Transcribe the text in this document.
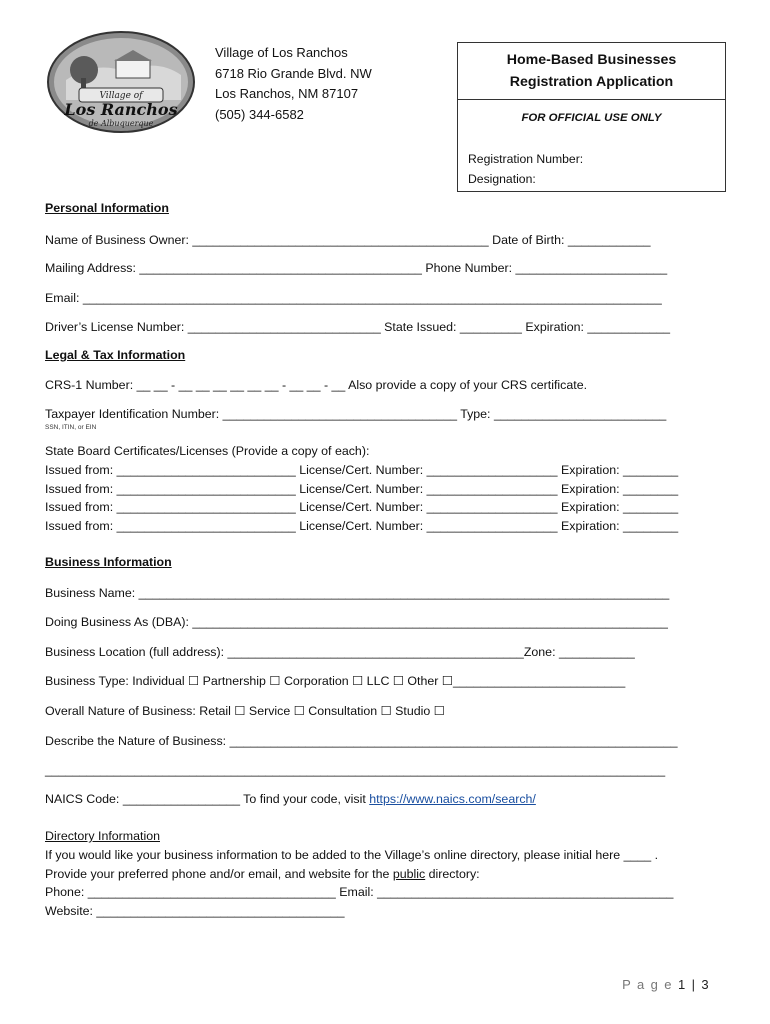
Village of
Los Ranchos
de Albuquerque
Village of Los Ranchos
6718 Rio Grande Blvd. NW
Los Ranchos, NM 87107
(505) 344-6582
Home-Based Businesses
Registration Application
FOR OFFICIAL USE ONLY
Registration Number:
Designation:
Personal Information
Name of Business Owner: ___________________________________________ Date of Birth: ____________
Mailing Address: _________________________________________ Phone Number: ______________________
Email: ____________________________________________________________________________________
Driver’s License Number: ____________________________ State Issued: _________ Expiration: ____________
Legal & Tax Information
CRS-1 Number: __ __ - __ __ __ __ __ __ - __ __ - __ Also provide a copy of your CRS certificate.
Taxpayer Identification Number: __________________________________ Type: _________________________
SSN, ITIN, or EIN
State Board Certificates/Licenses (Provide a copy of each):
Issued from: __________________________ License/Cert. Number: ___________________ Expiration: ________
Issued from: __________________________ License/Cert. Number: ___________________ Expiration: ________
Issued from: __________________________ License/Cert. Number: ___________________ Expiration: ________
Issued from: __________________________ License/Cert. Number: ___________________ Expiration: ________
Business Information
Business Name: _____________________________________________________________________________
Doing Business As (DBA): _____________________________________________________________________
Business Location (full address): ___________________________________________Zone: ___________
Business Type: Individual ☐ Partnership ☐ Corporation ☐ LLC ☐ Other ☐_________________________
Overall Nature of Business: Retail ☐ Service ☐ Consultation ☐ Studio ☐
Describe the Nature of Business: _________________________________________________________________
__________________________________________________________________________________________
NAICS Code: _________________ To find your code, visit https://www.naics.com/search/
Directory Information
If you would like your business information to be added to the Village’s online directory, please initial here ____ .
Provide your preferred phone and/or email, and website for the public directory:
Phone: ____________________________________ Email: ___________________________________________
Website: ____________________________________
P a g e 1 | 3
